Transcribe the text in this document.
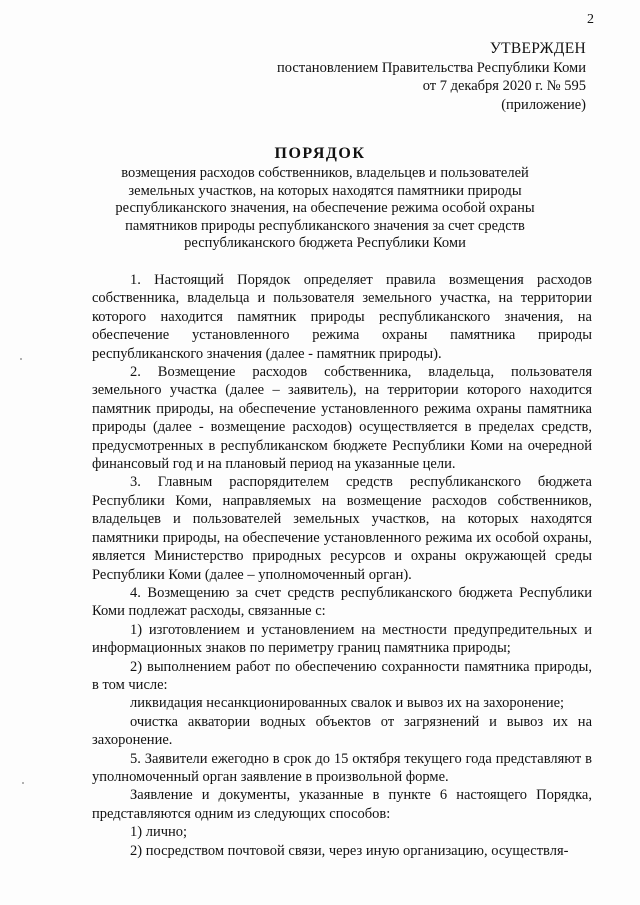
2
УТВЕРЖДЕН
постановлением Правительства Республики Коми
от 7 декабря 2020 г. № 595
(приложение)
ПОРЯДОК
возмещения расходов собственников, владельцев и пользователей земельных участков, на которых находятся памятники природы республиканского значения, на обеспечение режима особой охраны памятников природы республиканского значения за счет средств республиканского бюджета Республики Коми

1. Настоящий Порядок определяет правила возмещения расходов собственника, владельца и пользователя земельного участка, на территории которого находится памятник природы республиканского значения, на обеспечение установленного режима охраны памятника природы республиканского значения (далее - памятник природы).

2. Возмещение расходов собственника, владельца, пользователя земельного участка (далее – заявитель), на территории которого находится памятник природы, на обеспечение установленного режима охраны памятника природы (далее - возмещение расходов) осуществляется в пределах средств, предусмотренных в республиканском бюджете Республики Коми на очередной финансовый год и на плановый период на указанные цели.

3. Главным распорядителем средств республиканского бюджета Республики Коми, направляемых на возмещение расходов собственников, владельцев и пользователей земельных участков, на которых находятся памятники природы, на обеспечение установленного режима их особой охраны, является Министерство природных ресурсов и охраны окружающей среды Республики Коми (далее – уполномоченный орган).

4. Возмещению за счет средств республиканского бюджета Республики Коми подлежат расходы, связанные с:

1) изготовлением и установлением на местности предупредительных и информационных знаков по периметру границ памятника природы;

2) выполнением работ по обеспечению сохранности памятника природы, в том числе:

ликвидация несанкционированных свалок и вывоз их на захоронение;

очистка акватории водных объектов от загрязнений и вывоз их на захоронение.

5. Заявители ежегодно в срок до 15 октября текущего года представляют в уполномоченный орган заявление в произвольной форме.

Заявление и документы, указанные в пункте 6 настоящего Порядка, представляются одним из следующих способов:

1) лично;

2) посредством почтовой связи, через иную организацию, осуществля-
